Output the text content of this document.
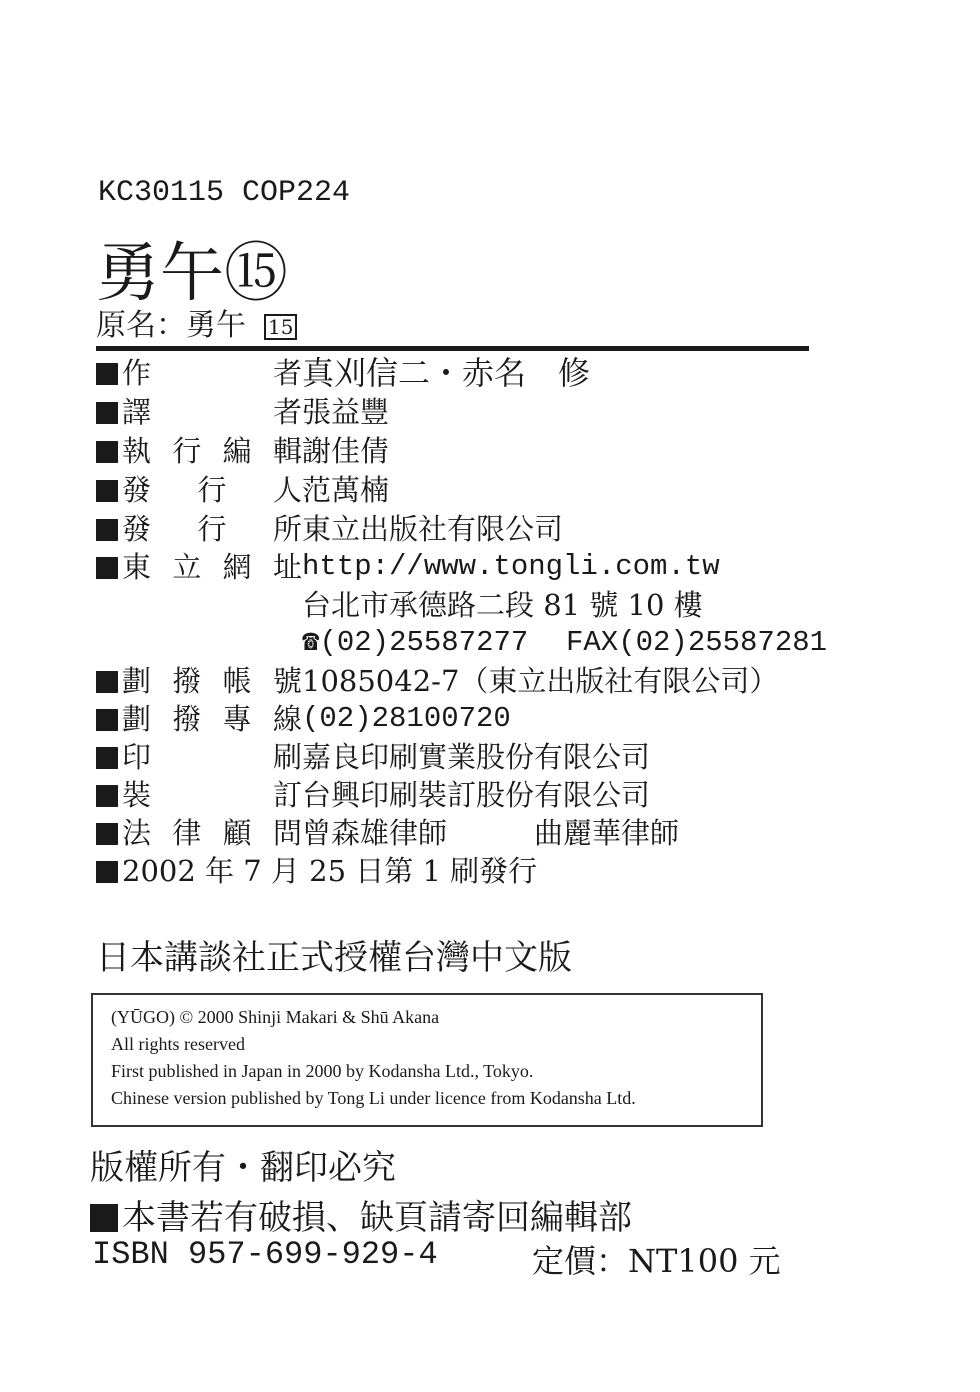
KC30115 COP224
勇午⑮
原名：勇午 15
作　　者 真刈信二・赤名　修
譯　　者 張益豐
執行編輯 謝佳倩
發 行 人 范萬楠
發 行 所 東立出版社有限公司
東立網址 http://www.tongli.com.tw
台北市承德路二段 81 號 10 樓
☎(02)25587277 FAX(02)25587281
劃撥帳號 1085042-7（東立出版社有限公司）
劃撥專線 (02)28100720
印　　刷 嘉良印刷實業股份有限公司
裝　　訂 台興印刷裝訂股份有限公司
法律顧問 曾森雄律師	曲麗華律師
2002 年 7 月 25 日第 1 刷發行
日本講談社正式授權台灣中文版
(YŪGO) © 2000 Shinji Makari & Shū Akana
All rights reserved
First published in Japan in 2000 by Kodansha Ltd., Tokyo.
Chinese version published by Tong Li under licence from Kodansha Ltd.
版權所有・翻印必究
本書若有破損、缺頁請寄回編輯部
ISBN 957-699-929-4	定價：NT100 元
